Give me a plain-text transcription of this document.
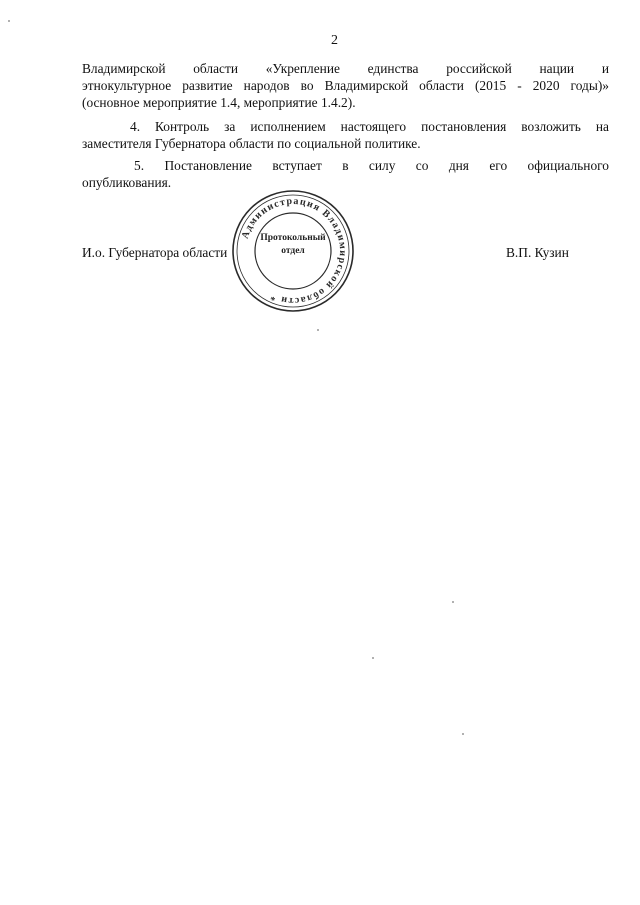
2
Владимирской области «Укрепление единства российской нации и
этнокультурное развитие народов во Владимирской области (2015 - 2020 годы)»
(основное мероприятие 1.4, мероприятие 1.4.2).
4. Контроль за исполнением настоящего постановления возложить на
заместителя Губернатора области по социальной политике.
5. Постановление вступает в силу со дня его официального
опубликования.
И.о. Губернатора области	В.П. Кузин
Администрация Владимирской области *
Протокольный
отдел
